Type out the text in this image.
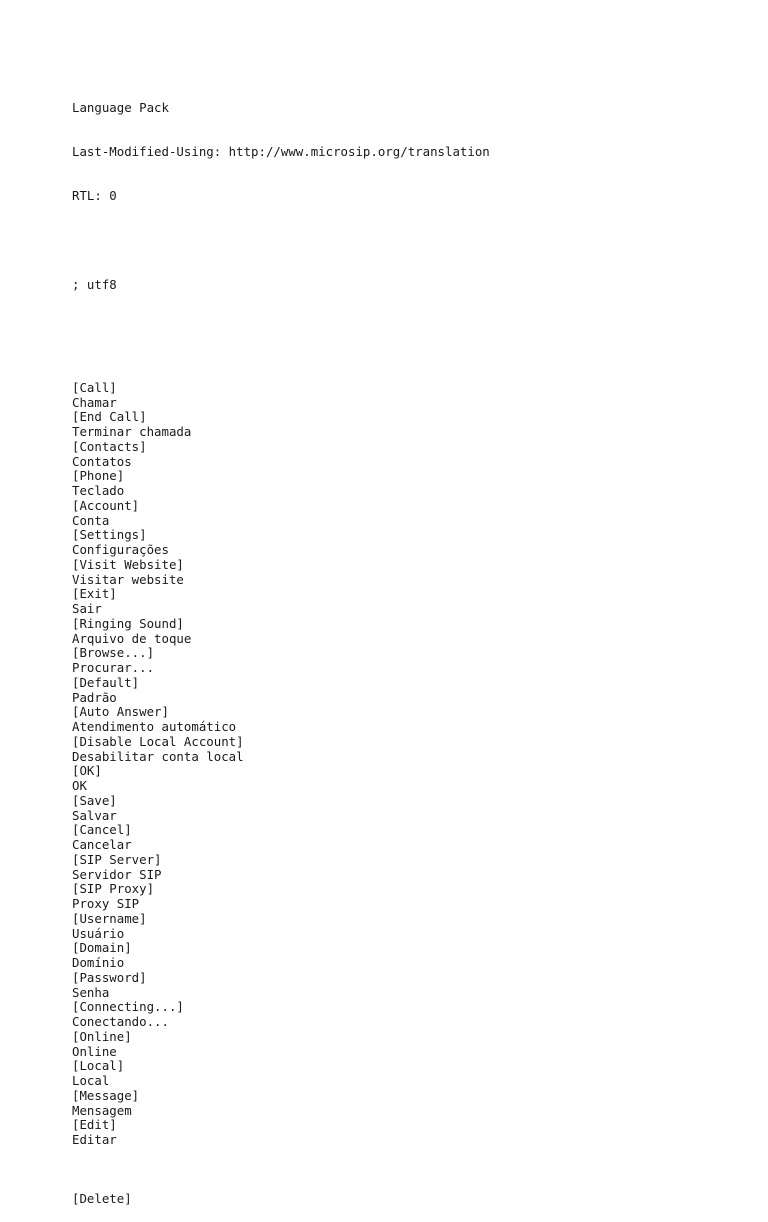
Language Pack

Last-Modified-Using: http://www.microsip.org/translation

RTL: 0

; utf8

[Call]
Chamar
[End Call]
Terminar chamada
[Contacts]
Contatos
[Phone]
Teclado
[Account]
Conta
[Settings]
Configurações
[Visit Website]
Visitar website
[Exit]
Sair
[Ringing Sound]
Arquivo de toque
[Browse...]
Procurar...
[Default]
Padrão
[Auto Answer]
Atendimento automático
[Disable Local Account]
Desabilitar conta local
[OK]
OK
[Save]
Salvar
[Cancel]
Cancelar
[SIP Server]
Servidor SIP
[SIP Proxy]
Proxy SIP
[Username]
Usuário
[Domain]
Domínio
[Password]
Senha
[Connecting...]
Conectando...
[Online]
Online
[Local]
Local
[Message]
Mensagem
[Edit]
Editar

[Delete]
